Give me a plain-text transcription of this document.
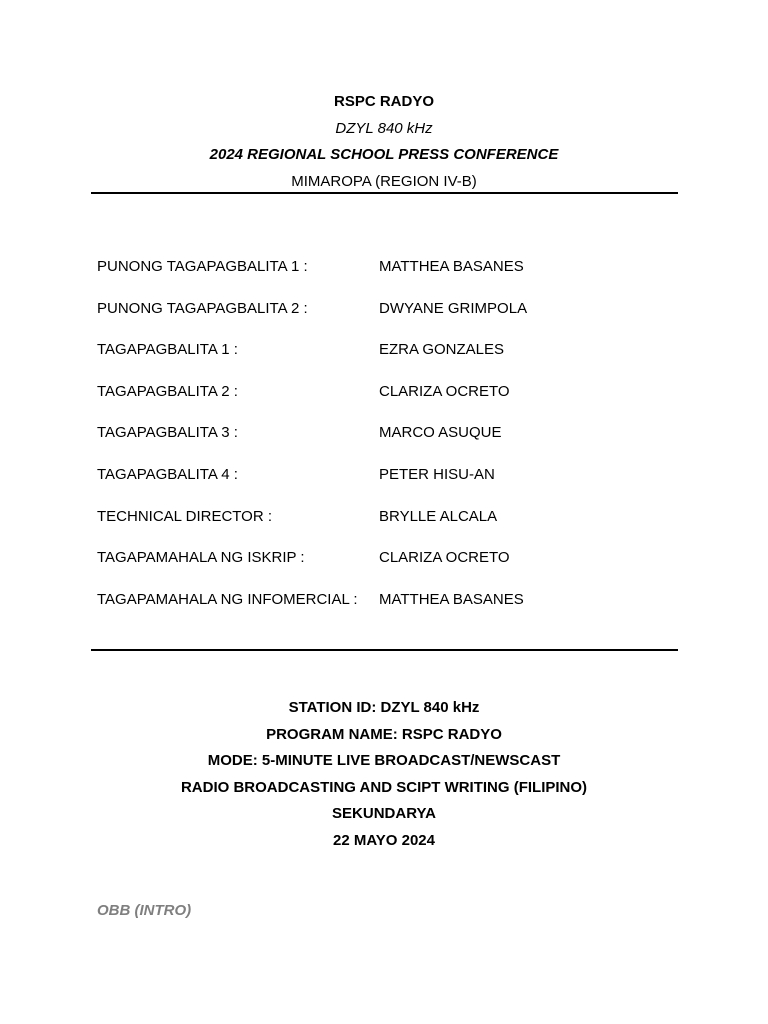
RSPC RADYO
DZYL 840 kHz
2024 REGIONAL SCHOOL PRESS CONFERENCE
MIMAROPA (REGION IV-B)
PUNONG TAGAPAGBALITA 1 :	MATTHEA BASANES
PUNONG TAGAPAGBALITA 2 :	DWYANE GRIMPOLA
TAGAPAGBALITA 1 :	EZRA GONZALES
TAGAPAGBALITA 2 :	CLARIZA OCRETO
TAGAPAGBALITA 3 :	MARCO ASUQUE
TAGAPAGBALITA 4 :	PETER HISU-AN
TECHNICAL DIRECTOR :	BRYLLE ALCALA
TAGAPAMAHALA NG ISKRIP :	CLARIZA OCRETO
TAGAPAMAHALA NG INFOMERCIAL : MATTHEA BASANES
STATION ID: DZYL 840 kHz
PROGRAM NAME: RSPC RADYO
MODE: 5-MINUTE LIVE BROADCAST/NEWSCAST
RADIO BROADCASTING AND SCIPT WRITING (FILIPINO)
SEKUNDARYA
22 MAYO 2024
OBB (INTRO)
